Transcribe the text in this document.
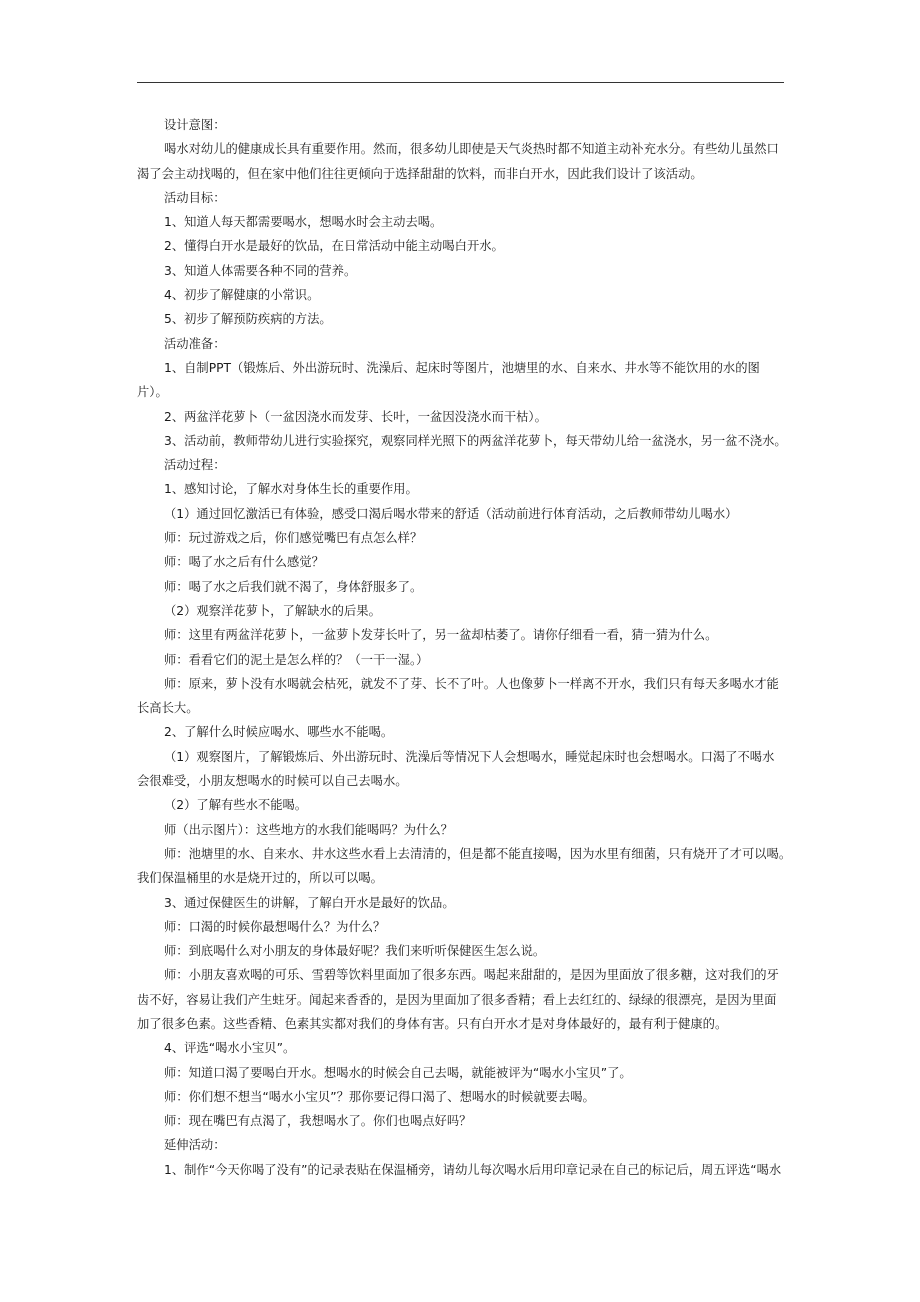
设计意图：

喝水对幼儿的健康成长具有重要作用。然而，很多幼儿即使是天气炎热时都不知道主动补充水分。有些幼儿虽然口

渴了会主动找喝的，但在家中他们往往更倾向于选择甜甜的饮料，而非白开水，因此我们设计了该活动。

活动目标：

1、知道人每天都需要喝水，想喝水时会主动去喝。

2、懂得白开水是最好的饮品，在日常活动中能主动喝白开水。

3、知道人体需要各种不同的营养。

4、初步了解健康的小常识。

5、初步了解预防疾病的方法。

活动准备：

1、自制PPT（锻炼后、外出游玩时、洗澡后、起床时等图片，池塘里的水、自来水、井水等不能饮用的水的图

片）。

2、两盆洋花萝卜（一盆因浇水而发芽、长叶，一盆因没浇水而干枯）。

3、活动前，教师带幼儿进行实验探究，观察同样光照下的两盆洋花萝卜，每天带幼儿给一盆浇水，另一盆不浇水。

活动过程：

1、感知讨论，了解水对身体生长的重要作用。

（1）通过回忆激活已有体验，感受口渴后喝水带来的舒适（活动前进行体育活动，之后教师带幼儿喝水）

师：玩过游戏之后，你们感觉嘴巴有点怎么样？

师：喝了水之后有什么感觉？

师：喝了水之后我们就不渴了，身体舒服多了。

（2）观察洋花萝卜，了解缺水的后果。

师：这里有两盆洋花萝卜，一盆萝卜发芽长叶了，另一盆却枯萎了。请你仔细看一看，猜一猜为什么。

师：看看它们的泥土是怎么样的？（一干一湿。）

师：原来，萝卜没有水喝就会枯死，就发不了芽、长不了叶。人也像萝卜一样离不开水，我们只有每天多喝水才能

长高长大。

2、了解什么时候应喝水、哪些水不能喝。

（1）观察图片，了解锻炼后、外出游玩时、洗澡后等情况下人会想喝水，睡觉起床时也会想喝水。口渴了不喝水

会很难受，小朋友想喝水的时候可以自己去喝水。

（2）了解有些水不能喝。

师（出示图片）：这些地方的水我们能喝吗？为什么？

师：池塘里的水、自来水、井水这些水看上去清清的，但是都不能直接喝，因为水里有细菌，只有烧开了才可以喝。

我们保温桶里的水是烧开过的，所以可以喝。

3、通过保健医生的讲解，了解白开水是最好的饮品。

师：口渴的时候你最想喝什么？为什么？

师：到底喝什么对小朋友的身体最好呢？我们来听听保健医生怎么说。

师：小朋友喜欢喝的可乐、雪碧等饮料里面加了很多东西。喝起来甜甜的，是因为里面放了很多糖，这对我们的牙

齿不好，容易让我们产生蛀牙。闻起来香香的，是因为里面加了很多香精；看上去红红的、绿绿的很漂亮，是因为里面

加了很多色素。这些香精、色素其实都对我们的身体有害。只有白开水才是对身体最好的，最有利于健康的。

4、评选“喝水小宝贝”。

师：知道口渴了要喝白开水。想喝水的时候会自己去喝，就能被评为“喝水小宝贝”了。

师：你们想不想当“喝水小宝贝”？那你要记得口渴了、想喝水的时候就要去喝。

师：现在嘴巴有点渴了，我想喝水了。你们也喝点好吗？

延伸活动：

1、制作“今天你喝了没有”的记录表贴在保温桶旁，请幼儿每次喝水后用印章记录在自己的标记后，周五评选“喝水
